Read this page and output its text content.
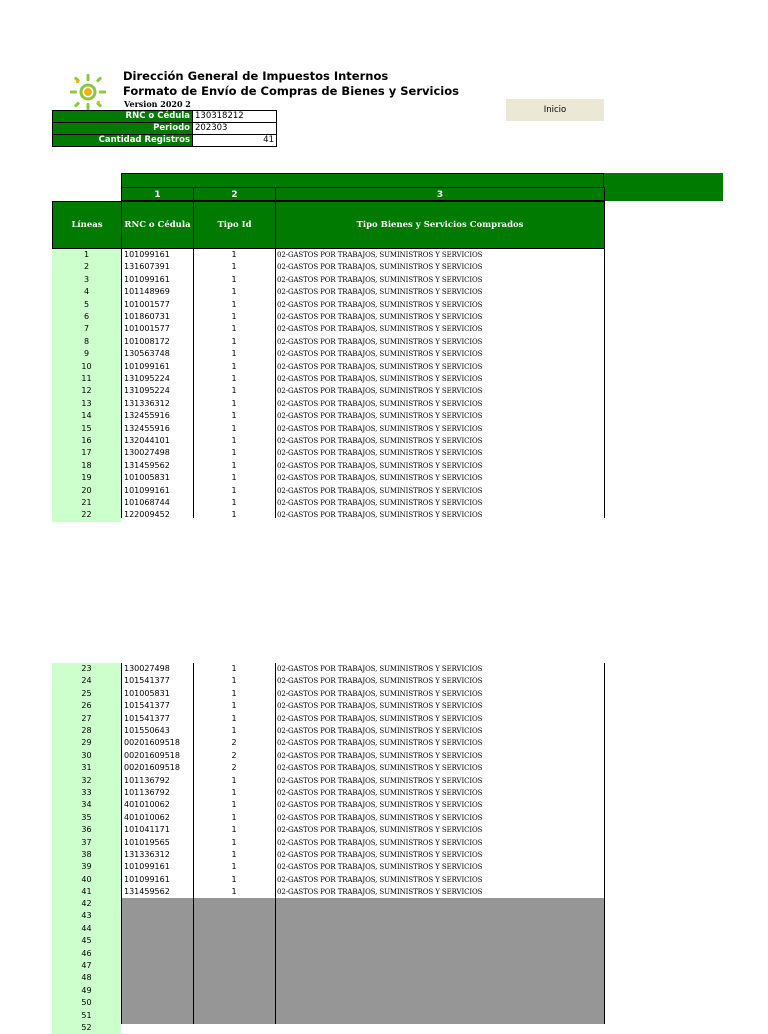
Dirección General de Impuestos Internos
Formato de Envío de Compras de Bienes y Servicios
Version 2020 2
RNC o Cédula	130318212
Periodo	202303
Cantidad Registros	41
Inicio
1	2	3
Líneas	RNC o Cédula	Tipo Id	Tipo Bienes y Servicios Comprados
1	101099161	1	02-GASTOS POR TRABAJOS, SUMINISTROS Y SERVICIOS
2	131607391	1	02-GASTOS POR TRABAJOS, SUMINISTROS Y SERVICIOS
3	101099161	1	02-GASTOS POR TRABAJOS, SUMINISTROS Y SERVICIOS
4	101148969	1	02-GASTOS POR TRABAJOS, SUMINISTROS Y SERVICIOS
5	101001577	1	02-GASTOS POR TRABAJOS, SUMINISTROS Y SERVICIOS
6	101860731	1	02-GASTOS POR TRABAJOS, SUMINISTROS Y SERVICIOS
7	101001577	1	02-GASTOS POR TRABAJOS, SUMINISTROS Y SERVICIOS
8	101008172	1	02-GASTOS POR TRABAJOS, SUMINISTROS Y SERVICIOS
9	130563748	1	02-GASTOS POR TRABAJOS, SUMINISTROS Y SERVICIOS
10	101099161	1	02-GASTOS POR TRABAJOS, SUMINISTROS Y SERVICIOS
11	131095224	1	02-GASTOS POR TRABAJOS, SUMINISTROS Y SERVICIOS
12	131095224	1	02-GASTOS POR TRABAJOS, SUMINISTROS Y SERVICIOS
13	131336312	1	02-GASTOS POR TRABAJOS, SUMINISTROS Y SERVICIOS
14	132455916	1	02-GASTOS POR TRABAJOS, SUMINISTROS Y SERVICIOS
15	132455916	1	02-GASTOS POR TRABAJOS, SUMINISTROS Y SERVICIOS
16	132044101	1	02-GASTOS POR TRABAJOS, SUMINISTROS Y SERVICIOS
17	130027498	1	02-GASTOS POR TRABAJOS, SUMINISTROS Y SERVICIOS
18	131459562	1	02-GASTOS POR TRABAJOS, SUMINISTROS Y SERVICIOS
19	101005831	1	02-GASTOS POR TRABAJOS, SUMINISTROS Y SERVICIOS
20	101099161	1	02-GASTOS POR TRABAJOS, SUMINISTROS Y SERVICIOS
21	101068744	1	02-GASTOS POR TRABAJOS, SUMINISTROS Y SERVICIOS
22	122009452	1	02-GASTOS POR TRABAJOS, SUMINISTROS Y SERVICIOS
23	130027498	1	02-GASTOS POR TRABAJOS, SUMINISTROS Y SERVICIOS
24	101541377	1	02-GASTOS POR TRABAJOS, SUMINISTROS Y SERVICIOS
25	101005831	1	02-GASTOS POR TRABAJOS, SUMINISTROS Y SERVICIOS
26	101541377	1	02-GASTOS POR TRABAJOS, SUMINISTROS Y SERVICIOS
27	101541377	1	02-GASTOS POR TRABAJOS, SUMINISTROS Y SERVICIOS
28	101550643	1	02-GASTOS POR TRABAJOS, SUMINISTROS Y SERVICIOS
29	00201609518	2	02-GASTOS POR TRABAJOS, SUMINISTROS Y SERVICIOS
30	00201609518	2	02-GASTOS POR TRABAJOS, SUMINISTROS Y SERVICIOS
31	00201609518	2	02-GASTOS POR TRABAJOS, SUMINISTROS Y SERVICIOS
32	101136792	1	02-GASTOS POR TRABAJOS, SUMINISTROS Y SERVICIOS
33	101136792	1	02-GASTOS POR TRABAJOS, SUMINISTROS Y SERVICIOS
34	401010062	1	02-GASTOS POR TRABAJOS, SUMINISTROS Y SERVICIOS
35	401010062	1	02-GASTOS POR TRABAJOS, SUMINISTROS Y SERVICIOS
36	101041171	1	02-GASTOS POR TRABAJOS, SUMINISTROS Y SERVICIOS
37	101019565	1	02-GASTOS POR TRABAJOS, SUMINISTROS Y SERVICIOS
38	131336312	1	02-GASTOS POR TRABAJOS, SUMINISTROS Y SERVICIOS
39	101099161	1	02-GASTOS POR TRABAJOS, SUMINISTROS Y SERVICIOS
40	101099161	1	02-GASTOS POR TRABAJOS, SUMINISTROS Y SERVICIOS
41	131459562	1	02-GASTOS POR TRABAJOS, SUMINISTROS Y SERVICIOS
42
43
44
45
46
47
48
49
50
51
52
